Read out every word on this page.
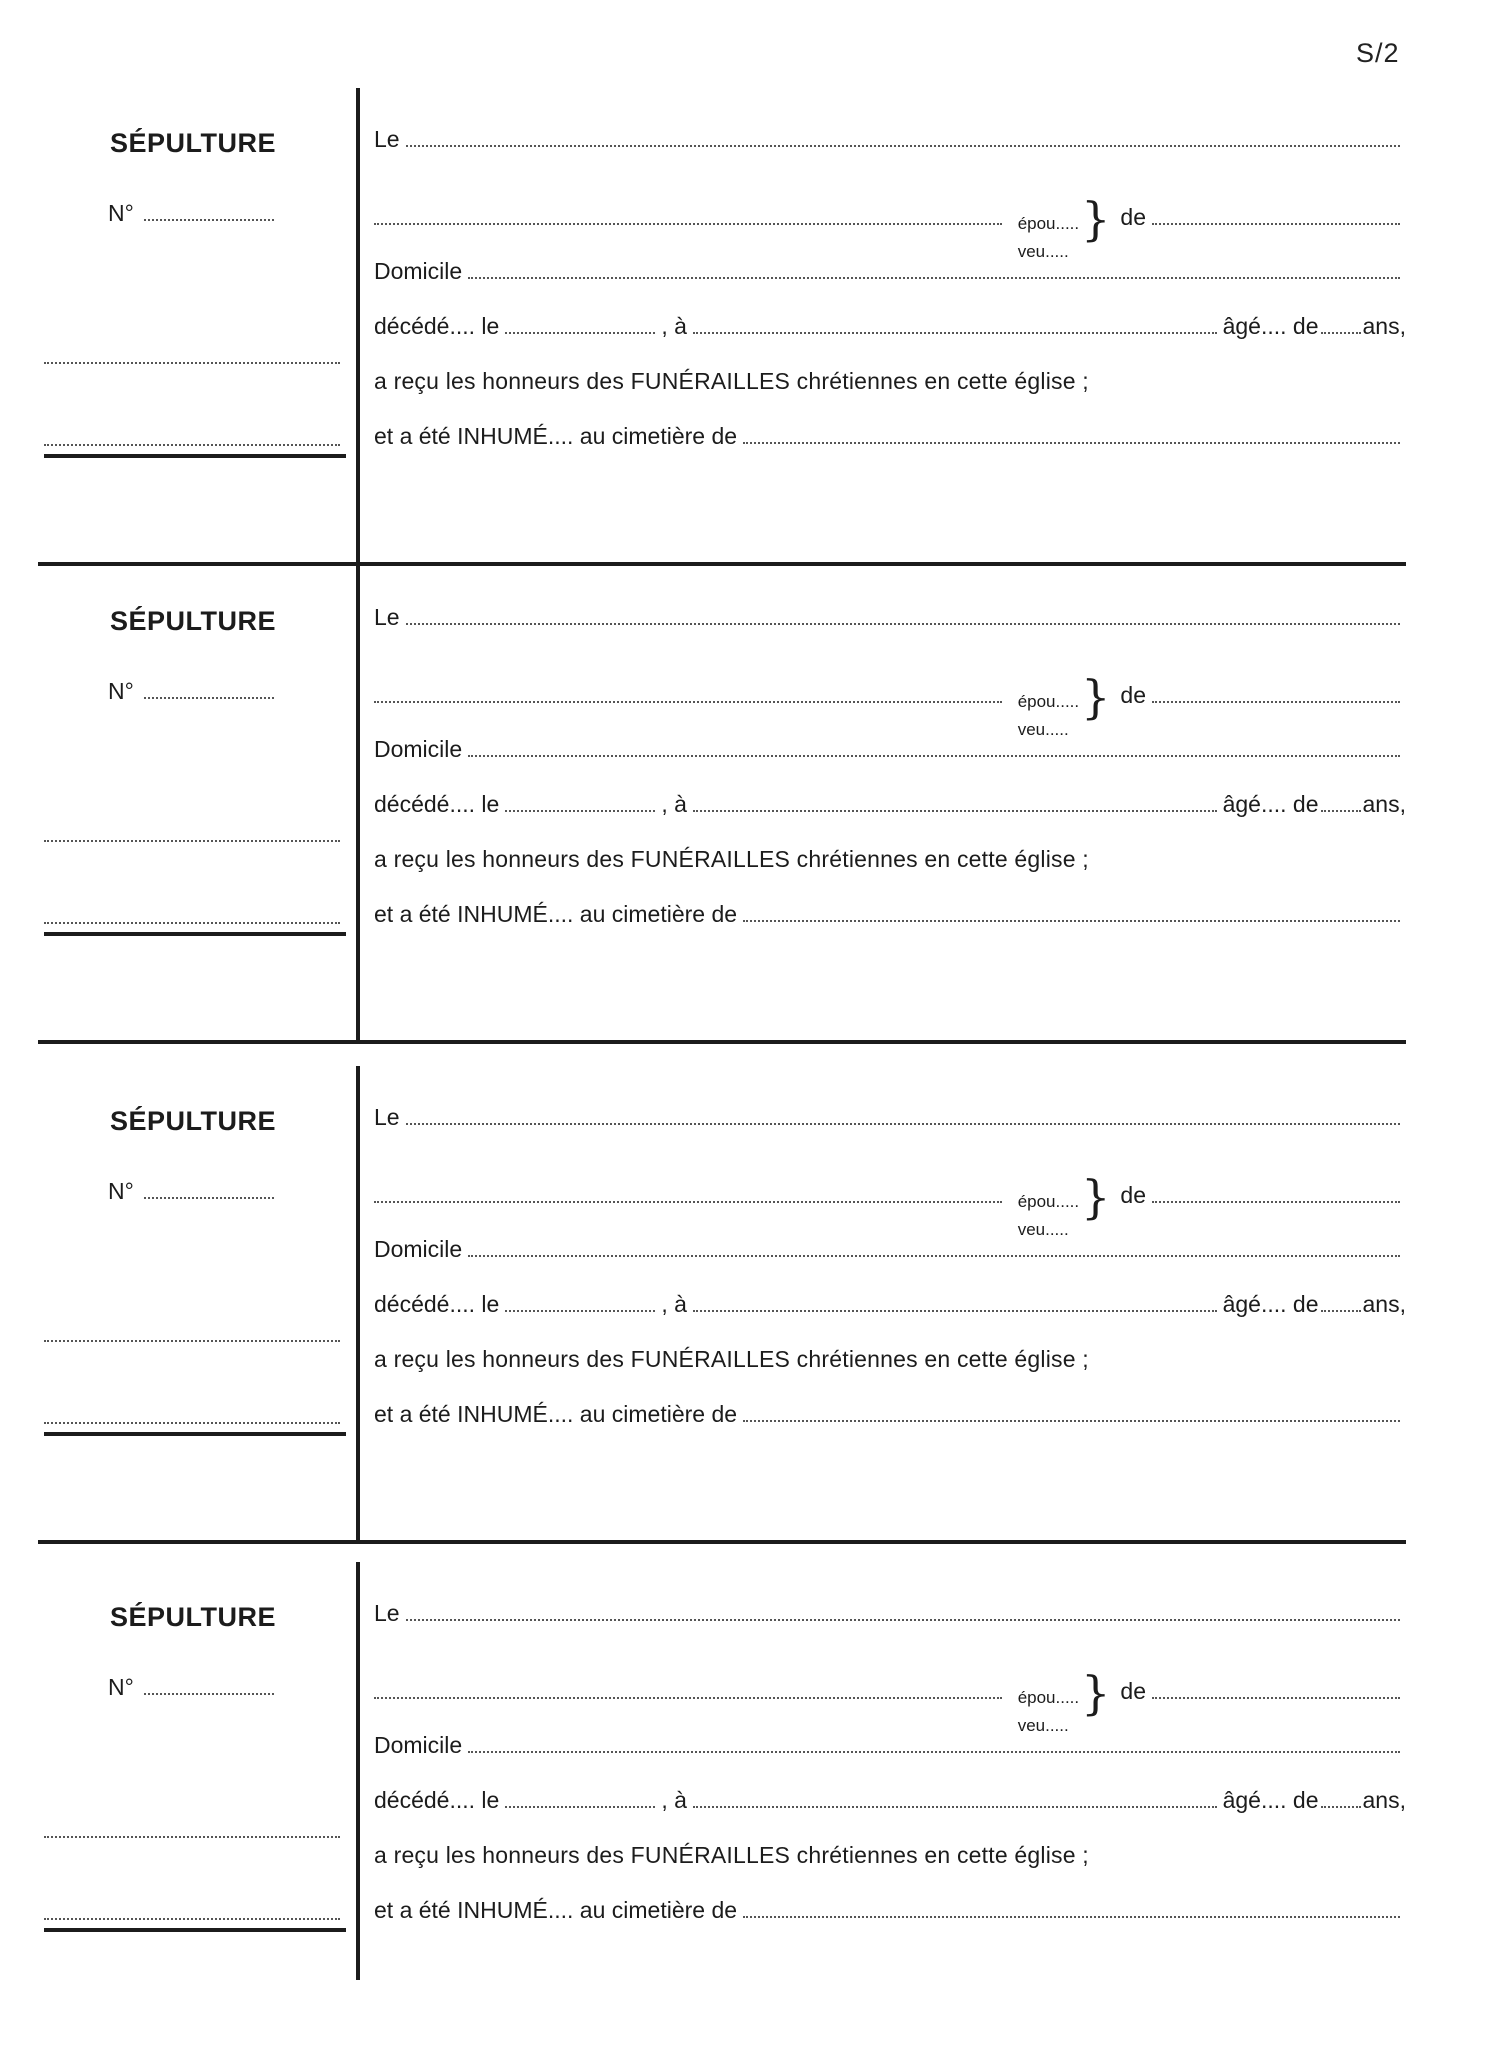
S/2
SÉPULTURE
N°
Le
épou.....
veu.....
} de
Domicile
décédé.... le	, à	âgé.... de ans,
a reçu les honneurs des FUNÉRAILLES chrétiennes en cette église ;
et a été INHUMÉ.... au cimetière de
SÉPULTURE
N°
Le
épou.....
veu.....
} de
Domicile
décédé.... le	, à	âgé.... de ans,
a reçu les honneurs des FUNÉRAILLES chrétiennes en cette église ;
et a été INHUMÉ.... au cimetière de
SÉPULTURE
N°
Le
épou.....
veu.....
} de
Domicile
décédé.... le	, à	âgé.... de ans,
a reçu les honneurs des FUNÉRAILLES chrétiennes en cette église ;
et a été INHUMÉ.... au cimetière de
SÉPULTURE
N°
Le
épou.....
veu.....
} de
Domicile
décédé.... le	, à	âgé.... de ans,
a reçu les honneurs des FUNÉRAILLES chrétiennes en cette église ;
et a été INHUMÉ.... au cimetière de
